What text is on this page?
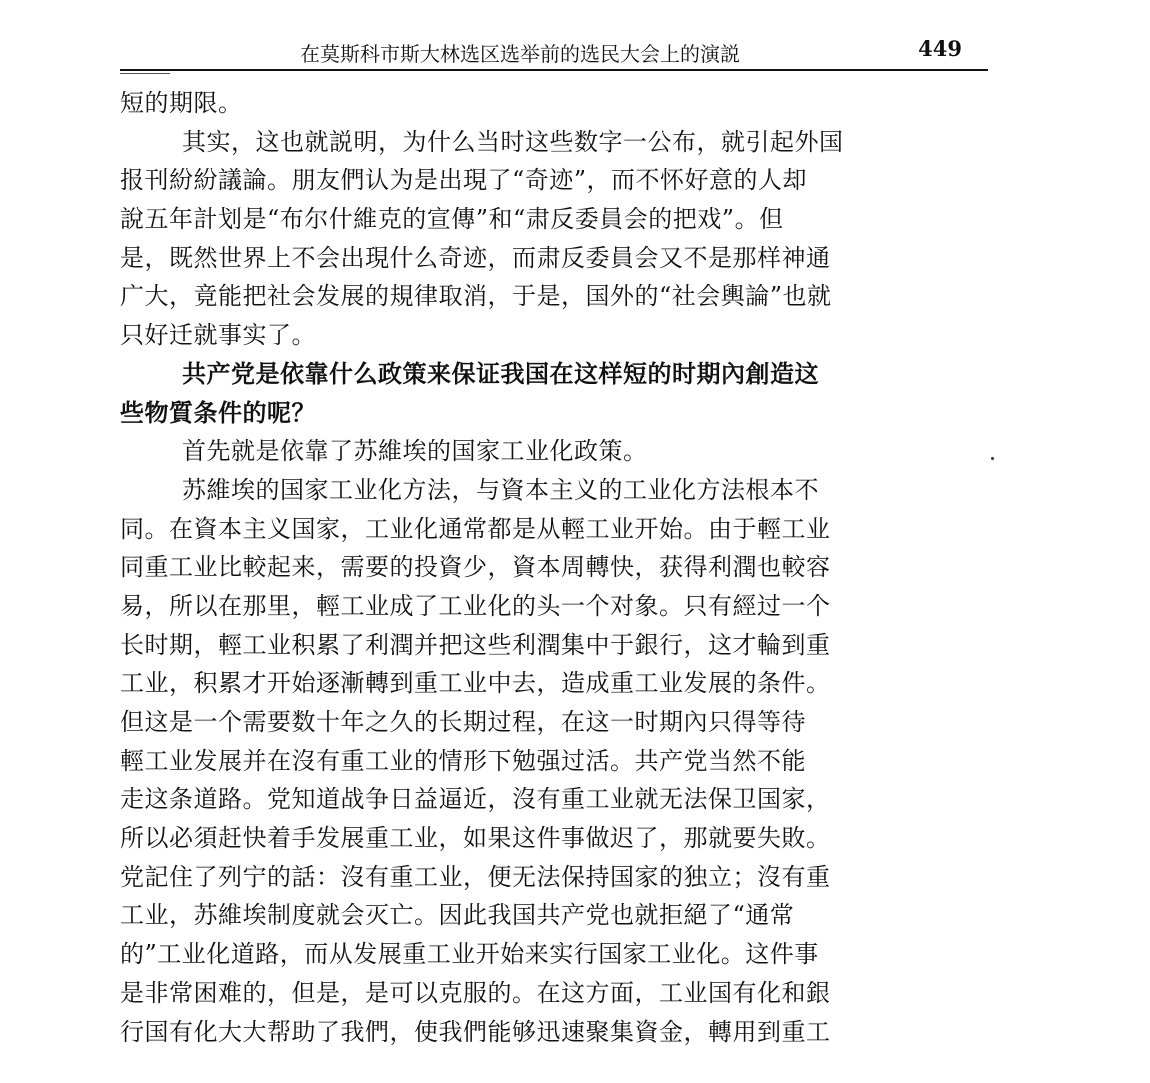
在莫斯科市斯大林选区选举前的选民大会上的演説	449
短的期限。
其实，这也就説明，为什么当时这些数字一公布，就引起外国
报刊紛紛議論。朋友們认为是出現了“奇迹”，而不怀好意的人却
說五年計划是“布尔什維克的宣傳”和“肃反委員会的把戏”。但
是，既然世界上不会出現什么奇迹，而肃反委員会又不是那样神通
广大，竟能把社会发展的規律取消，于是，国外的“社会輿論”也就
只好迁就事实了。
共产党是依靠什么政策来保证我国在这样短的时期內創造这
些物質条件的呢？
首先就是依靠了苏維埃的国家工业化政策。
苏維埃的国家工业化方法，与資本主义的工业化方法根本不
同。在資本主义国家，工业化通常都是从輕工业开始。由于輕工业
同重工业比較起来，需要的投資少，資本周轉快，获得利潤也較容
易，所以在那里，輕工业成了工业化的头一个对象。只有經过一个
长时期，輕工业积累了利潤并把这些利潤集中于銀行，这才輪到重
工业，积累才开始逐漸轉到重工业中去，造成重工业发展的条件。
但这是一个需要数十年之久的长期过程，在这一时期內只得等待
輕工业发展并在沒有重工业的情形下勉强过活。共产党当然不能
走这条道路。党知道战争日益逼近，沒有重工业就无法保卫国家，
所以必須赶快着手发展重工业，如果这件事做迟了，那就要失敗。
党記住了列宁的話：沒有重工业，便无法保持国家的独立；沒有重
工业，苏維埃制度就会灭亡。因此我国共产党也就拒絕了“通常
的”工业化道路，而从发展重工业开始来实行国家工业化。这件事
是非常困难的，但是，是可以克服的。在这方面，工业国有化和銀
行国有化大大帮助了我們，使我們能够迅速聚集資金，轉用到重工
